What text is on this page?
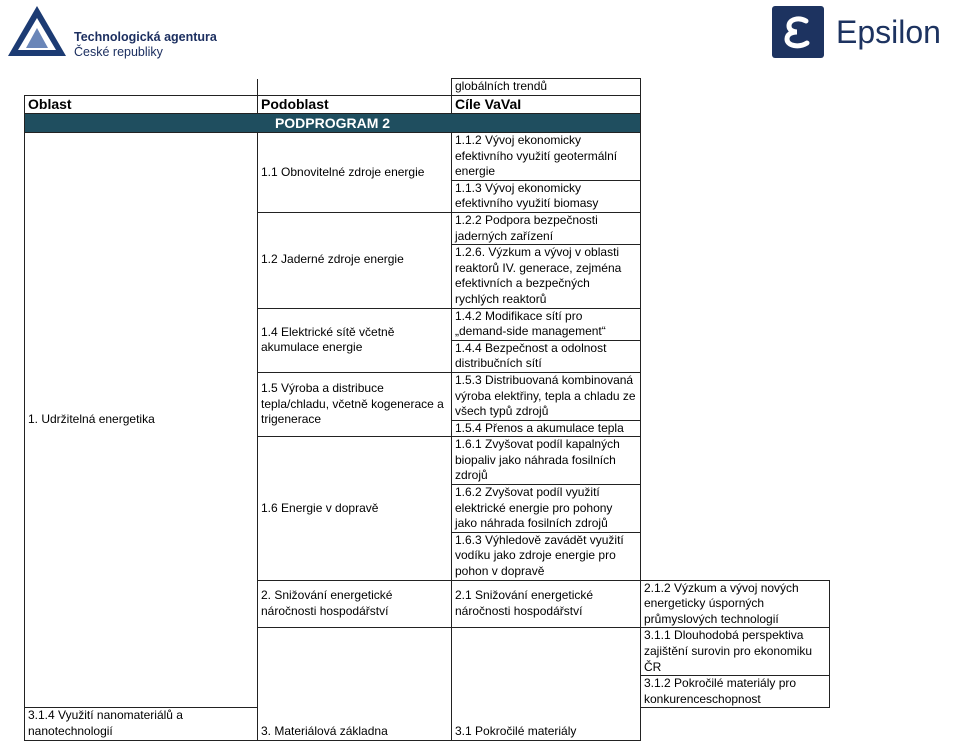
Technologická agentura
České republiky
Epsilon
		globálních trendů	
Oblast	Podoblast	Cíle VaVaI	
PODPROGRAM 2			
1. Udržitelná energetika	1.1 Obnovitelné zdroje energie	1.1.2 Vývoj ekonomicky efektivního využití geotermální energie	
		1.1.3 Vývoj ekonomicky efektivního využití biomasy	
	1.2 Jaderné zdroje energie	1.2.2 Podpora bezpečnosti jaderných zařízení	
		1.2.6. Výzkum a vývoj v oblasti reaktorů IV. generace, zejména efektivních a bezpečných rychlých reaktorů	
	1.4 Elektrické sítě včetně akumulace energie	1.4.2 Modifikace sítí pro „demand-side management“	
		1.4.4 Bezpečnost a odolnost distribučních sítí	
	1.5 Výroba a distribuce tepla/chladu, včetně kogenerace a trigenerace	1.5.3 Distribuovaná kombinovaná výroba elektřiny, tepla a chladu ze všech typů zdrojů	
		1.5.4 Přenos a akumulace tepla	
	1.6 Energie v dopravě	1.6.1 Zvyšovat podíl kapalných biopaliv jako náhrada fosilních zdrojů	
		1.6.2 Zvyšovat podíl využití elektrické energie pro pohony jako náhrada fosilních zdrojů	
		1.6.3 Výhledově zavádět využití vodíku jako zdroje energie pro pohon v dopravě	
	2. Snižování energetické náročnosti hospodářství	2.1 Snižování energetické náročnosti hospodářství	2.1.2 Výzkum a vývoj nových energeticky úsporných průmyslových technologií
	3. Materiálová základna	3.1 Pokročilé materiály	3.1.1 Dlouhodobá perspektiva zajištění surovin pro ekonomiku ČR
			3.1.2 Pokročilé materiály pro konkurenceschopnost
3.1.4 Využití nanomateriálů a nanotechnologií			
